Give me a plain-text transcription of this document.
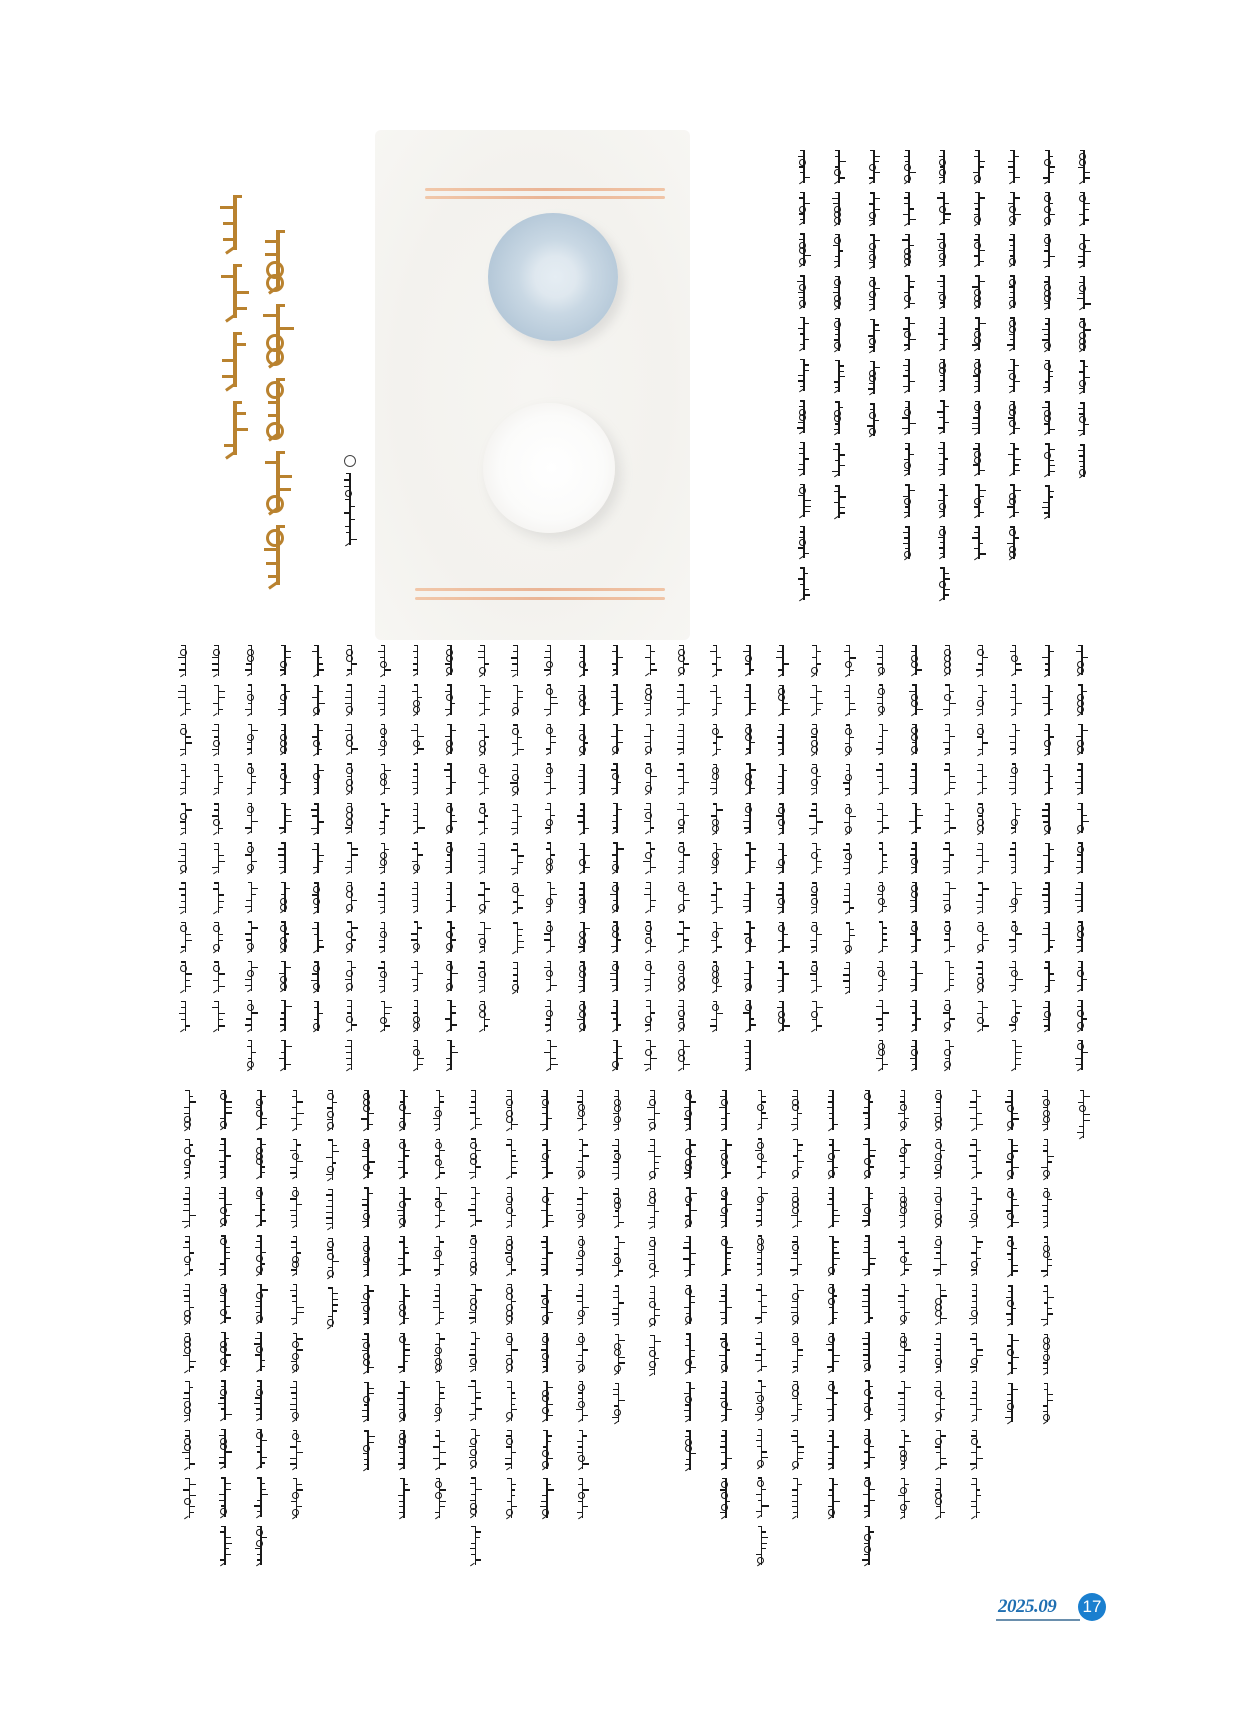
2025.09 17
